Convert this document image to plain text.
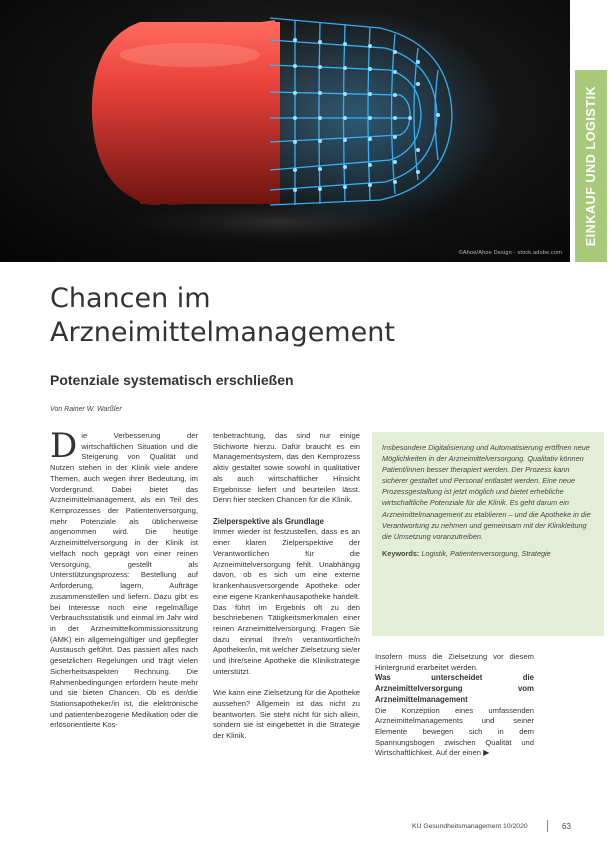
©Ahoe/Ahoe Design - stock.adobe.com
EINKAUF UND LOGISTIK
Chancen im
Arzneimittelmanagement
Potenziale systematisch erschließen
Von Rainer W. Warßler

Die Verbesserung der wirtschaftlichen Situation und die Steigerung von Qualität und Nutzen stehen in der Klinik viele andere Themen, auch wegen ihrer Bedeutung, im Vordergrund. Dabei bietet das Arzneimittelmanagement, als ein Teil des Kernprozesses der Patientenversorgung, mehr Potenziale als üblicherweise angenommen wird. Die heutige Arzneimittelversorgung in der Klinik ist vielfach noch geprägt von einer reinen Versorgung, gestellt als Unterstützungsprozess: Bestellung auf Anforderung, lagern, Aufträge zusammenstellen und liefern. Dazu gibt es bei Interesse noch eine regelmäßige Verbrauchsstatistik und einmal im Jahr wird in der Arzneimittelkommissionssitzung (AMK) ein allgemeingültiger und gepflegter Austausch geführt. Das passiert alles nach gesetzlichen Regelungen und trägt vielen Sicherheitsaspekten Rechnung. Die Rahmenbedingungen erfordern heute mehr und sie bieten Chancen. Ob es der/die Stationsapotheker/in ist, die elektronische und patientenbezogene Medikation oder die erlösorientierte Kos-

tenbetrachtung, das sind nur einige Stichworte hierzu. Dafür braucht es ein Managementsystem, das den Kernprozess aktiv gestaltet sowie sowohl in qualitativer als auch wirtschaftlicher Hinsicht Ergebnisse liefert und beurteilen lässt. Denn hier stecken Chancen für die Klinik.

Zielperspektive als Grundlage

Immer wieder ist festzustellen, dass es an einer klaren Zielperspektive der Verantwortlichen für die Arzneimittelversorgung fehlt. Unabhängig davon, ob es sich um eine externe krankenhausversorgende Apotheke oder eine eigene Krankenhausapotheke handelt. Das führt im Ergebnis oft zu den beschriebenen Tätigkeitsmerkmalen einer reinen Arzneimittelversorgung. Fragen Sie dazu einmal Ihre/n verantwortliche/n Apotheker/in, mit welcher Zielsetzung sie/er und ihre/seine Apotheke die Klinikstrategie unterstützt.

Wie kann eine Zielsetzung für die Apotheke aussehen? Allgemein ist das nicht zu beantworten. Sie steht nicht für sich allein, sondern sie ist eingebettet in die Strategie der Klinik.

Insbesondere Digitalisierung und Automatisierung eröffnen neue Möglichkeiten in der Arzneimittelversorgung. Qualitativ können Patient/innen besser therapiert werden. Der Prozess kann sicherer gestaltet und Personal entlastet werden. Eine neue Prozessgestaltung ist jetzt möglich und bietet erhebliche wirtschaftliche Potenziale für die Klinik. Es geht darum ein Arzneimittelmanagement zu etablieren – und die Apotheke in die Verantwortung zu nehmen und gemeinsam mit der Klinikleitung die Umsetzung voranzutreiben.

Keywords: Logistik, Patientenversorgung, Strategie

Insofern muss die Zielsetzung vor diesem Hintergrund erarbeitet werden.

Was unterscheidet die Arzneimittelversorgung vom Arzneimittelmanagement

Die Konzeption eines umfassenden Arzneimittelmanagements und seiner Elemente bewegen sich in dem Spannungsbogen zwischen Qualität und Wirtschaftlichkeit. Auf der einen ▶

KU Gesundheitsmanagement 10/2020	63
